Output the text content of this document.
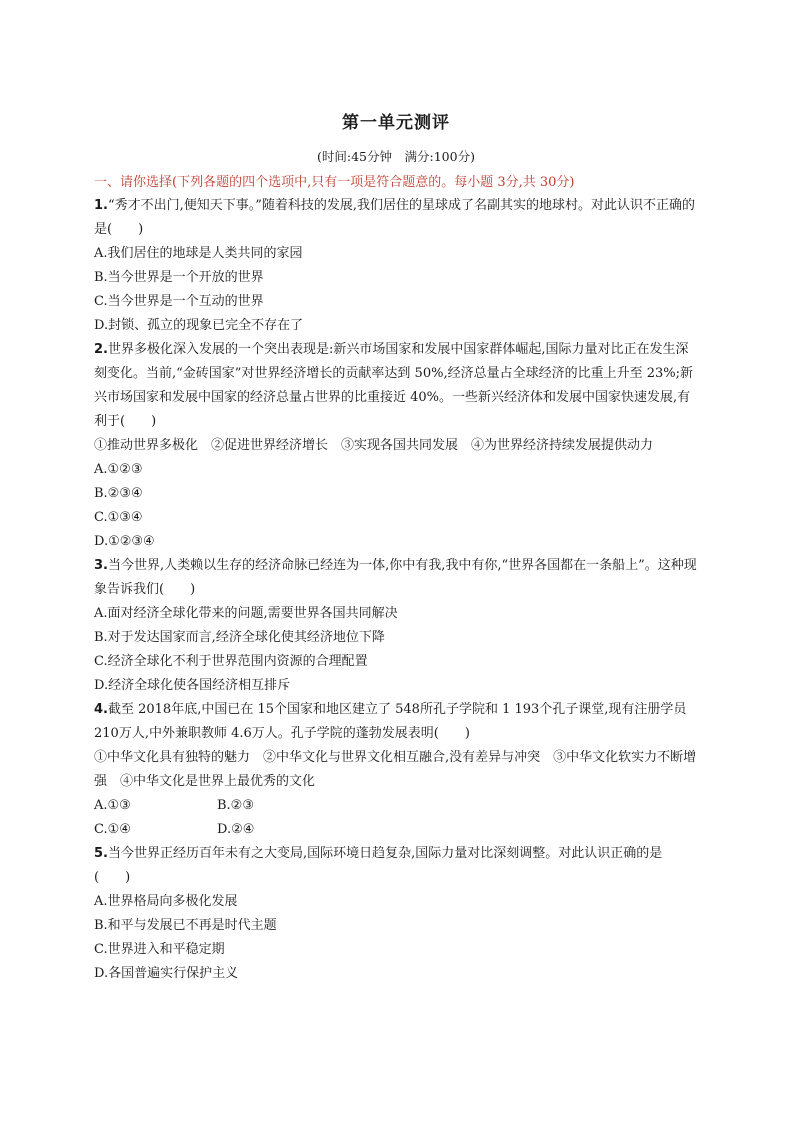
第一单元测评
(时间:45分钟　满分:100分)
一、请你选择(下列各题的四个选项中,只有一项是符合题意的。每小题 3分,共 30分)

1.“秀才不出门,便知天下事。”随着科技的发展,我们居住的星球成了名副其实的地球村。对此认识不正确的是(　　)

A.我们居住的地球是人类共同的家园

B.当今世界是一个开放的世界

C.当今世界是一个互动的世界

D.封锁、孤立的现象已完全不存在了

2.世界多极化深入发展的一个突出表现是:新兴市场国家和发展中国家群体崛起,国际力量对比正在发生深刻变化。当前,“金砖国家”对世界经济增长的贡献率达到 50%,经济总量占全球经济的比重上升至 23%;新兴市场国家和发展中国家的经济总量占世界的比重接近 40%。一些新兴经济体和发展中国家快速发展,有利于(　　)

①推动世界多极化　②促进世界经济增长　③实现各国共同发展　④为世界经济持续发展提供动力

A.①②③

B.②③④

C.①③④

D.①②③④

3.当今世界,人类赖以生存的经济命脉已经连为一体,你中有我,我中有你,“世界各国都在一条船上”。这种现象告诉我们(　　)

A.面对经济全球化带来的问题,需要世界各国共同解决

B.对于发达国家而言,经济全球化使其经济地位下降

C.经济全球化不利于世界范围内资源的合理配置

D.经济全球化使各国经济相互排斥

4.截至 2018年底,中国已在 15个国家和地区建立了 548所孔子学院和 1 193个孔子课堂,现有注册学员 210万人,中外兼职教师 4.6万人。孔子学院的蓬勃发展表明(　　)

①中华文化具有独特的魅力　②中华文化与世界文化相互融合,没有差异与冲突　③中华文化软实力不断增强　④中华文化是世界上最优秀的文化

A.①③	B.②③
C.①④	D.②④

5.当今世界正经历百年未有之大变局,国际环境日趋复杂,国际力量对比深刻调整。对此认识正确的是(　　)

A.世界格局向多极化发展

B.和平与发展已不再是时代主题

C.世界进入和平稳定期

D.各国普遍实行保护主义
